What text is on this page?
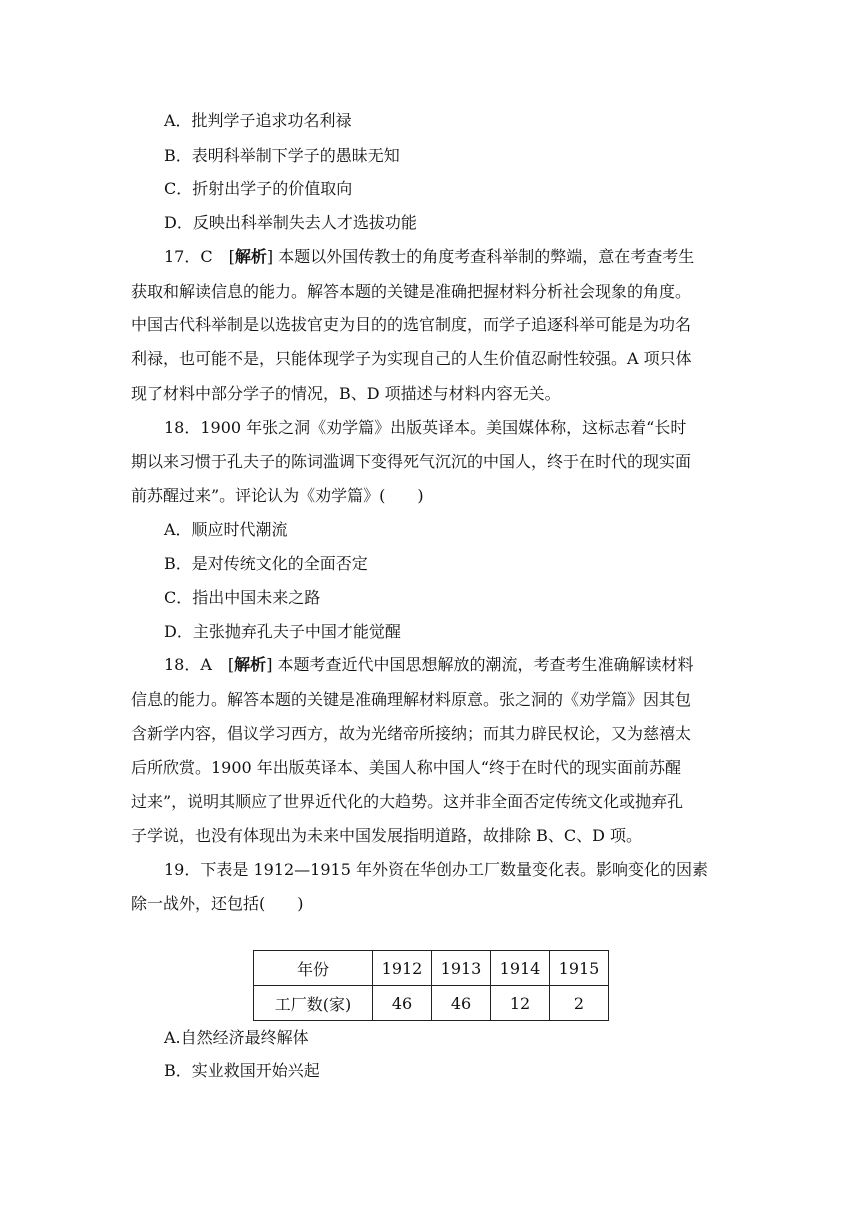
A．批判学子追求功名利禄
B．表明科举制下学子的愚昧无知
C．折射出学子的价值取向
D．反映出科举制失去人才选拔功能
17．C　[解析] 本题以外国传教士的角度考查科举制的弊端，意在考查考生
获取和解读信息的能力。解答本题的关键是准确把握材料分析社会现象的角度。
中国古代科举制是以选拔官吏为目的的选官制度，而学子追逐科举可能是为功名
利禄，也可能不是，只能体现学子为实现自己的人生价值忍耐性较强。A 项只体
现了材料中部分学子的情况，B、D 项描述与材料内容无关。
18．1900 年张之洞《劝学篇》出版英译本。美国媒体称，这标志着“长时
期以来习惯于孔夫子的陈词滥调下变得死气沉沉的中国人，终于在时代的现实面
前苏醒过来”。评论认为《劝学篇》(　　)
A．顺应时代潮流
B．是对传统文化的全面否定
C．指出中国未来之路
D．主张抛弃孔夫子中国才能觉醒
18．A　[解析] 本题考查近代中国思想解放的潮流，考查考生准确解读材料
信息的能力。解答本题的关键是准确理解材料原意。张之洞的《劝学篇》因其包
含新学内容，倡议学习西方，故为光绪帝所接纳；而其力辟民权论，又为慈禧太
后所欣赏。1900 年出版英译本、美国人称中国人“终于在时代的现实面前苏醒
过来”，说明其顺应了世界近代化的大趋势。这并非全面否定传统文化或抛弃孔
子学说，也没有体现出为未来中国发展指明道路，故排除 B、C、D 项。
19．下表是 1912—1915 年外资在华创办工厂数量变化表。影响变化的因素
除一战外，还包括(　　)
年份	1912	1913	1914	1915
工厂数(家)	46	46	12	2
A.自然经济最终解体
B．实业救国开始兴起
